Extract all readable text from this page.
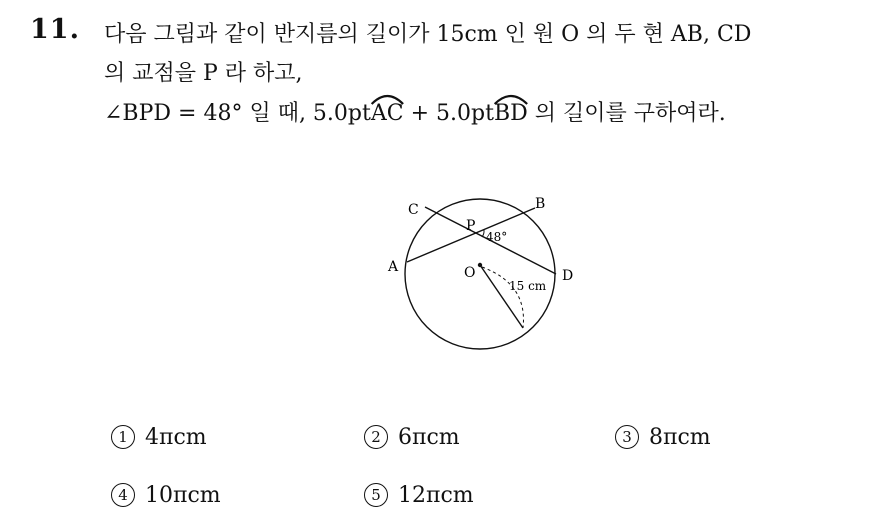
11. 다음 그림과 같이 반지름의 길이가 15cm 인 원 O 의 두 현 AB, CD
의 교점을 P 라 하고,
∠BPD = 48° 일 때, 5.0pt
AC + 5.0pt
BD 의 길이를 구하여라.
C	B
P
A	O	D
48°
15 cm
1 4πcm	2 6πcm	3 8πcm
4 10πcm	5 12πcm
